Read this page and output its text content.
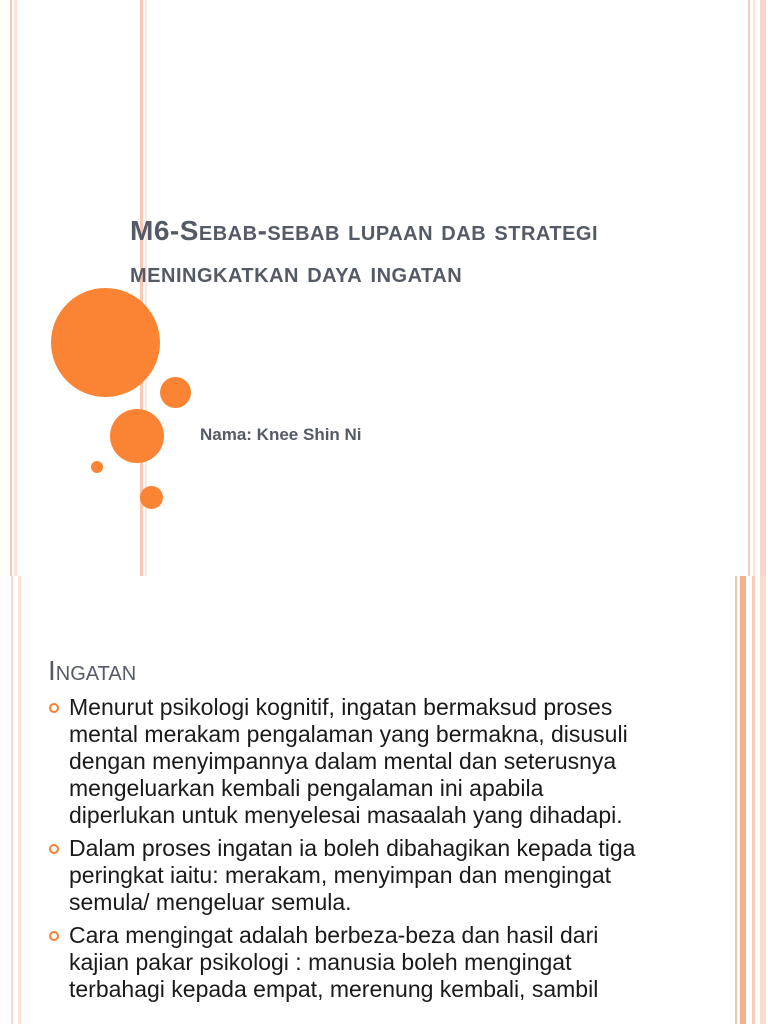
M6-Sebab-sebab lupaan dab strategi meningkatkan daya ingatan

Nama: Knee Shin Ni

Ingatan
Menurut psikologi kognitif, ingatan bermaksud proses
mental merakam pengalaman yang bermakna, disusuli
dengan menyimpannya dalam mental dan seterusnya
mengeluarkan kembali pengalaman ini apabila
diperlukan untuk menyelesai masaalah yang dihadapi.
Dalam proses ingatan ia boleh dibahagikan kepada tiga
peringkat iaitu: merakam, menyimpan dan mengingat
semula/ mengeluar semula.
Cara mengingat adalah berbeza-beza dan hasil dari
kajian pakar psikologi : manusia boleh mengingat
terbahagi kepada empat, merenung kembali, sambil
